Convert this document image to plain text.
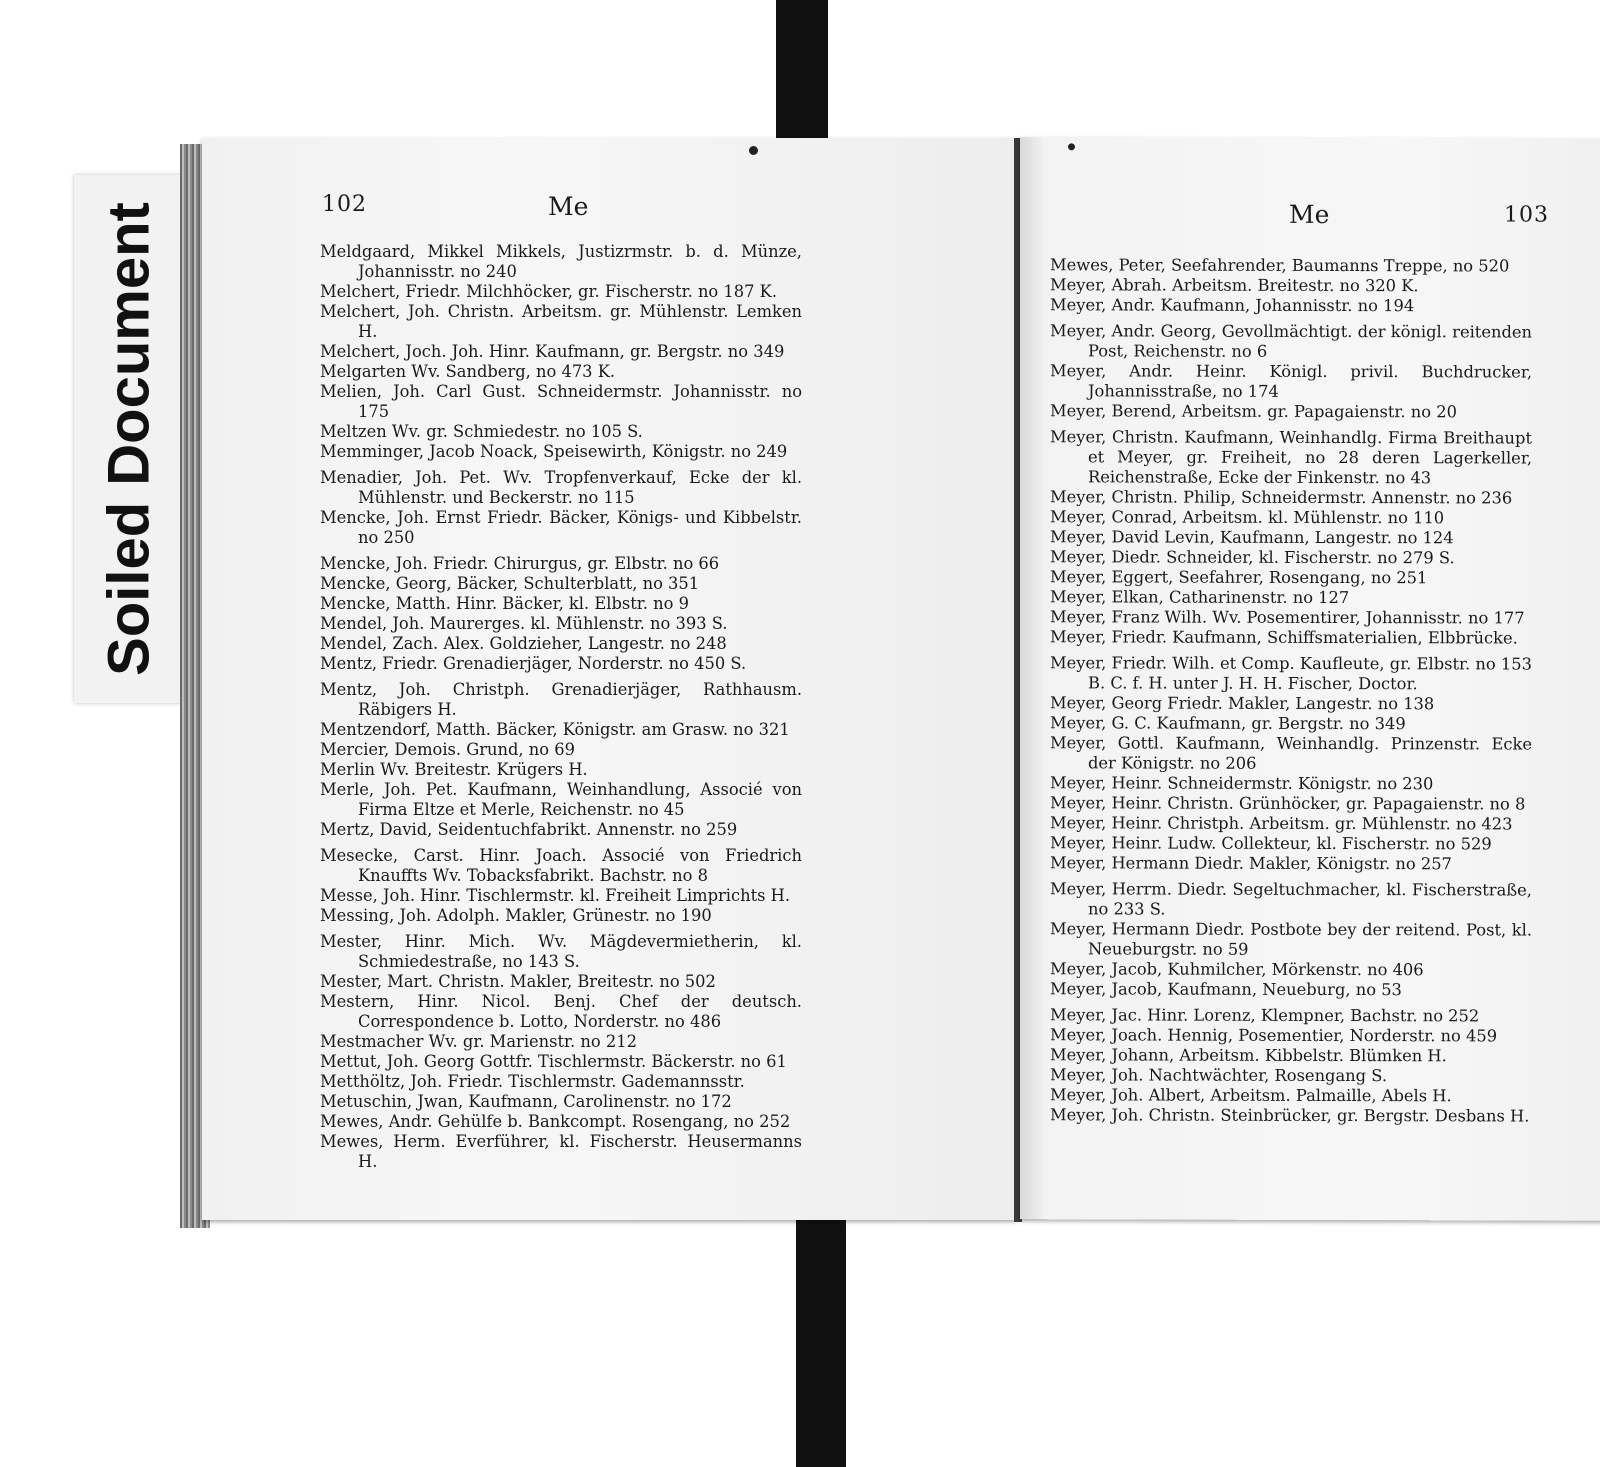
Soiled Document	102	Me
Meldgaard, Mikkel Mikkels, Justizrmstr. b. d. Münze, Johannisstr. no 240
Melchert, Friedr. Milchhöcker, gr. Fischerstr. no 187 K.
Melchert, Joh. Christn. Arbeitsm. gr. Mühlenstr. Lemken H.
Melchert, Joch. Joh. Hinr. Kaufmann, gr. Bergstr. no 349
Melgarten Wv. Sandberg, no 473 K.
Melien, Joh. Carl Gust. Schneidermstr. Johannisstr. no 175
Meltzen Wv. gr. Schmiedestr. no 105 S.
Memminger, Jacob Noack, Speisewirth, Königstr. no 249
Menadier, Joh. Pet. Wv. Tropfenverkauf, Ecke der kl. Mühlenstr. und Beckerstr. no 115
Mencke, Joh. Ernst Friedr. Bäcker, Königs- und Kibbelstr. no 250
Mencke, Joh. Friedr. Chirurgus, gr. Elbstr. no 66
Mencke, Georg, Bäcker, Schulterblatt, no 351
Mencke, Matth. Hinr. Bäcker, kl. Elbstr. no 9
Mendel, Joh. Maurerges. kl. Mühlenstr. no 393 S.
Mendel, Zach. Alex. Goldzieher, Langestr. no 248
Mentz, Friedr. Grenadierjäger, Norderstr. no 450 S.
Mentz, Joh. Christph. Grenadierjäger, Rathhausm. Räbigers H.
Mentzendorf, Matth. Bäcker, Königstr. am Grasw. no 321
Mercier, Demois. Grund, no 69
Merlin Wv. Breitestr. Krügers H.
Merle, Joh. Pet. Kaufmann, Weinhandlung, Associé von Firma Eltze et Merle, Reichenstr. no 45
Mertz, David, Seidentuchfabrikt. Annenstr. no 259
Mesecke, Carst. Hinr. Joach. Associé von Friedrich Knauffts Wv. Tobacksfabrikt. Bachstr. no 8
Messe, Joh. Hinr. Tischlermstr. kl. Freiheit Limprichts H.
Messing, Joh. Adolph. Makler, Grünestr. no 190
Mester, Hinr. Mich. Wv. Mägdevermietherin, kl. Schmiedestraße, no 143 S.
Mester, Mart. Christn. Makler, Breitestr. no 502
Mestern, Hinr. Nicol. Benj. Chef der deutsch. Correspondence b. Lotto, Norderstr. no 486
Mestmacher Wv. gr. Marienstr. no 212
Mettut, Joh. Georg Gottfr. Tischlermstr. Bäckerstr. no 61
Metthöltz, Joh. Friedr. Tischlermstr. Gademannsstr.
Metuschin, Jwan, Kaufmann, Carolinenstr. no 172
Mewes, Andr. Gehülfe b. Bankcompt. Rosengang, no 252
Mewes, Herm. Everführer, kl. Fischerstr. Heusermanns H.
Me	103
Mewes, Peter, Seefahrender, Baumanns Treppe, no 520
Meyer, Abrah. Arbeitsm. Breitestr. no 320 K.
Meyer, Andr. Kaufmann, Johannisstr. no 194
Meyer, Andr. Georg, Gevollmächtigt. der königl. reitenden Post, Reichenstr. no 6
Meyer, Andr. Heinr. Königl. privil. Buchdrucker, Johannisstraße, no 174
Meyer, Berend, Arbeitsm. gr. Papagaienstr. no 20
Meyer, Christn. Kaufmann, Weinhandlg. Firma Breithaupt et Meyer, gr. Freiheit, no 28 deren Lagerkeller, Reichenstraße, Ecke der Finkenstr. no 43
Meyer, Christn. Philip, Schneidermstr. Annenstr. no 236
Meyer, Conrad, Arbeitsm. kl. Mühlenstr. no 110
Meyer, David Levin, Kaufmann, Langestr. no 124
Meyer, Diedr. Schneider, kl. Fischerstr. no 279 S.
Meyer, Eggert, Seefahrer, Rosengang, no 251
Meyer, Elkan, Catharinenstr. no 127
Meyer, Franz Wilh. Wv. Posementirer, Johannisstr. no 177
Meyer, Friedr. Kaufmann, Schiffsmaterialien, Elbbrücke.
Meyer, Friedr. Wilh. et Comp. Kaufleute, gr. Elbstr. no 153 B. C. f. H. unter J. H. H. Fischer, Doctor.
Meyer, Georg Friedr. Makler, Langestr. no 138
Meyer, G. C. Kaufmann, gr. Bergstr. no 349
Meyer, Gottl. Kaufmann, Weinhandlg. Prinzenstr. Ecke der Königstr. no 206
Meyer, Heinr. Schneidermstr. Königstr. no 230
Meyer, Heinr. Christn. Grünhöcker, gr. Papagaienstr. no 8
Meyer, Heinr. Christph. Arbeitsm. gr. Mühlenstr. no 423
Meyer, Heinr. Ludw. Collekteur, kl. Fischerstr. no 529
Meyer, Hermann Diedr. Makler, Königstr. no 257
Meyer, Herrm. Diedr. Segeltuchmacher, kl. Fischerstraße, no 233 S.
Meyer, Hermann Diedr. Postbote bey der reitend. Post, kl. Neueburgstr. no 59
Meyer, Jacob, Kuhmilcher, Mörkenstr. no 406
Meyer, Jacob, Kaufmann, Neueburg, no 53
Meyer, Jac. Hinr. Lorenz, Klempner, Bachstr. no 252
Meyer, Joach. Hennig, Posementier, Norderstr. no 459
Meyer, Johann, Arbeitsm. Kibbelstr. Blümken H.
Meyer, Joh. Nachtwächter, Rosengang S.
Meyer, Joh. Albert, Arbeitsm. Palmaille, Abels H.
Meyer, Joh. Christn. Steinbrücker, gr. Bergstr. Desbans H.
